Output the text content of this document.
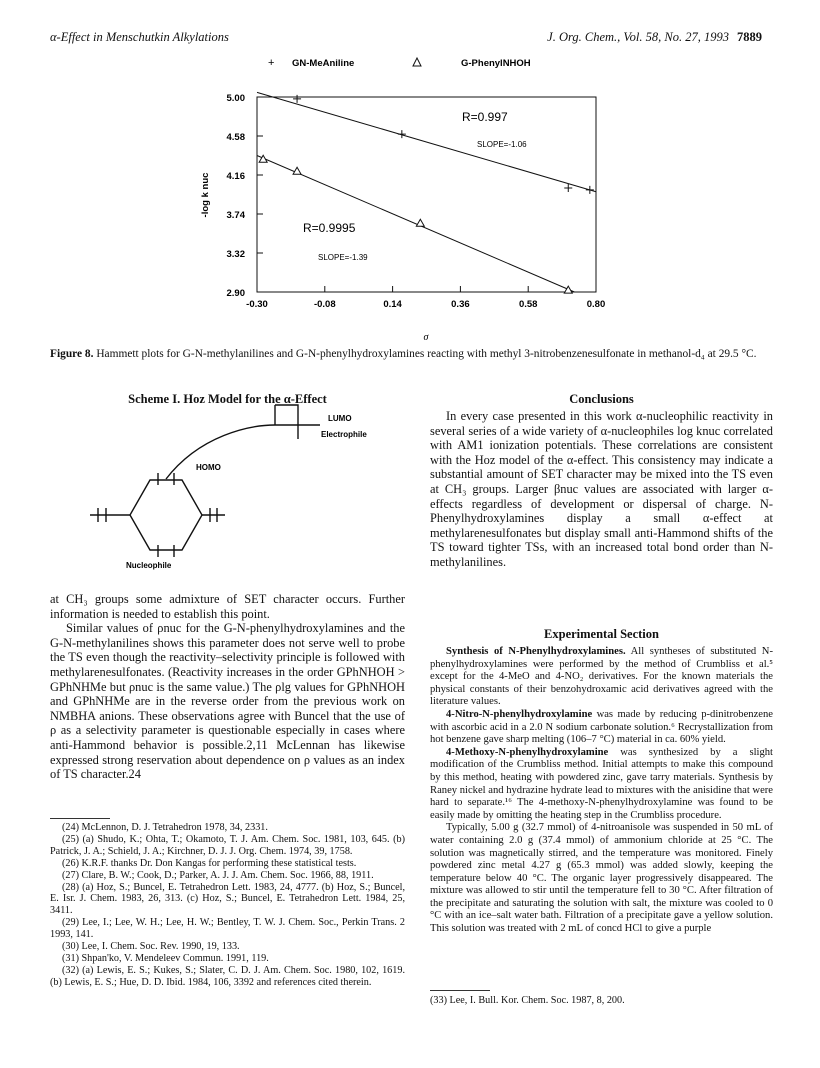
α-Effect in Menschutkin Alkylations	J. Org. Chem., Vol. 58, No. 27, 1993 7889
5.00
4.58
4.16
3.74
3.32
2.90
-0.30	-0.08	0.14	0.36	0.58	0.80
σ
-log k nuc
+ GN-MeAniline	G-PhenylNHOH
R=0.997
SLOPE=-1.06
R=0.9995
SLOPE=-1.39
Figure 8. Hammett plots for G-N-methylanilines and G-N-phenylhydroxylamines reacting with methyl 3-nitrobenzenesulfonate in methanol-d₄ at 29.5 °C.
Scheme I. Hoz Model for the α-Effect
LUMO
Electrophile
HOMO
Nucleophile

at CH₃ groups some admixture of SET character occurs. Further information is needed to establish this point.

Similar values of ρnuc for the G-N-phenylhydroxylamines and the G-N-methylanilines shows this parameter does not serve well to probe the TS even though the reactivity–selectivity principle is followed with methylarenesulfonates. (Reactivity increases in the order GPhNHOH > GPhNHMe but ρnuc is the same value.) The ρlg values for GPhNHOH and GPhNHMe are in the reverse order from the previous work on NMBHA anions. These observations agree with Buncel that the use of ρ as a selectivity parameter is questionable especially in cases where anti-Hammond behavior is possible.2,11 McLennan has likewise expressed strong reservation about dependence on ρ values as an index of TS character.24

(24) McLennon, D. J. Tetrahedron 1978, 34, 2331.
(25) (a) Shudo, K.; Ohta, T.; Okamoto, T. J. Am. Chem. Soc. 1981, 103, 645. (b) Patrick, J. A.; Schield, J. A.; Kirchner, D. J. J. Org. Chem. 1974, 39, 1758.
(26) K.R.F. thanks Dr. Don Kangas for performing these statistical tests.
(27) Clare, B. W.; Cook, D.; Parker, A. J. J. Am. Chem. Soc. 1966, 88, 1911.
(28) (a) Hoz, S.; Buncel, E. Tetrahedron Lett. 1983, 24, 4777. (b) Hoz, S.; Buncel, E. Isr. J. Chem. 1983, 26, 313. (c) Hoz, S.; Buncel, E. Tetrahedron Lett. 1984, 25, 3411.
(29) Lee, I.; Lee, W. H.; Lee, H. W.; Bentley, T. W. J. Chem. Soc., Perkin Trans. 2 1993, 141.
(30) Lee, I. Chem. Soc. Rev. 1990, 19, 133.
(31) Shpan'ko, V. Mendeleev Commun. 1991, 119.
(32) (a) Lewis, E. S.; Kukes, S.; Slater, C. D. J. Am. Chem. Soc. 1980, 102, 1619. (b) Lewis, E. S.; Hue, D. D. Ibid. 1984, 106, 3392 and references cited therein.
Conclusions

In every case presented in this work α-nucleophilic reactivity in several series of a wide variety of α-nucleophiles log knuc correlated with AM1 ionization potentials. These correlations are consistent with the Hoz model of the α-effect. This consistency may indicate a substantial amount of SET character may be mixed into the TS even at CH₃ groups. Larger βnuc values are associated with larger α-effects regardless of development or dispersal of charge. N-Phenylhydroxylamines display a small α-effect at methylarenesulfonates but display small anti-Hammond shifts of the TS toward tighter TSs, with an increased total bond order than N-methylanilines.

Experimental Section

Synthesis of N-Phenylhydroxylamines. All syntheses of substituted N-phenylhydroxylamines were performed by the method of Crumbliss et al.⁵ except for the 4-MeO and 4-NO₂ derivatives. For the known materials the physical constants of their benzohydroxamic acid derivatives agreed with the literature values.

4-Nitro-N-phenylhydroxylamine was made by reducing p-dinitrobenzene with ascorbic acid in a 2.0 N sodium carbonate solution.⁶ Recrystallization from hot benzene gave sharp melting (106–7 °C) material in ca. 60% yield.

4-Methoxy-N-phenylhydroxylamine was synthesized by a slight modification of the Crumbliss method. Initial attempts to make this compound by this method, heating with powdered zinc, gave tarry materials. Synthesis by Raney nickel and hydrazine hydrate lead to mixtures with the anisidine that were hard to separate.¹⁶ The 4-methoxy-N-phenylhydroxylamine was found to be easily made by omitting the heating step in the Crumbliss procedure.

Typically, 5.00 g (32.7 mmol) of 4-nitroanisole was suspended in 50 mL of water containing 2.0 g (37.4 mmol) of ammonium chloride at 25 °C. The solution was magnetically stirred, and the temperature was monitored. Finely powdered zinc metal 4.27 g (65.3 mmol) was added slowly, keeping the temperature below 40 °C. The organic layer progressively disappeared. The mixture was allowed to stir until the temperature fell to 30 °C. After filtration of the precipitate and saturating the solution with salt, the mixture was cooled to 0 °C with an ice–salt water bath. Filtration of a precipitate gave a yellow solution. This solution was treated with 2 mL of concd HCl to give a purple

(33) Lee, I. Bull. Kor. Chem. Soc. 1987, 8, 200.
